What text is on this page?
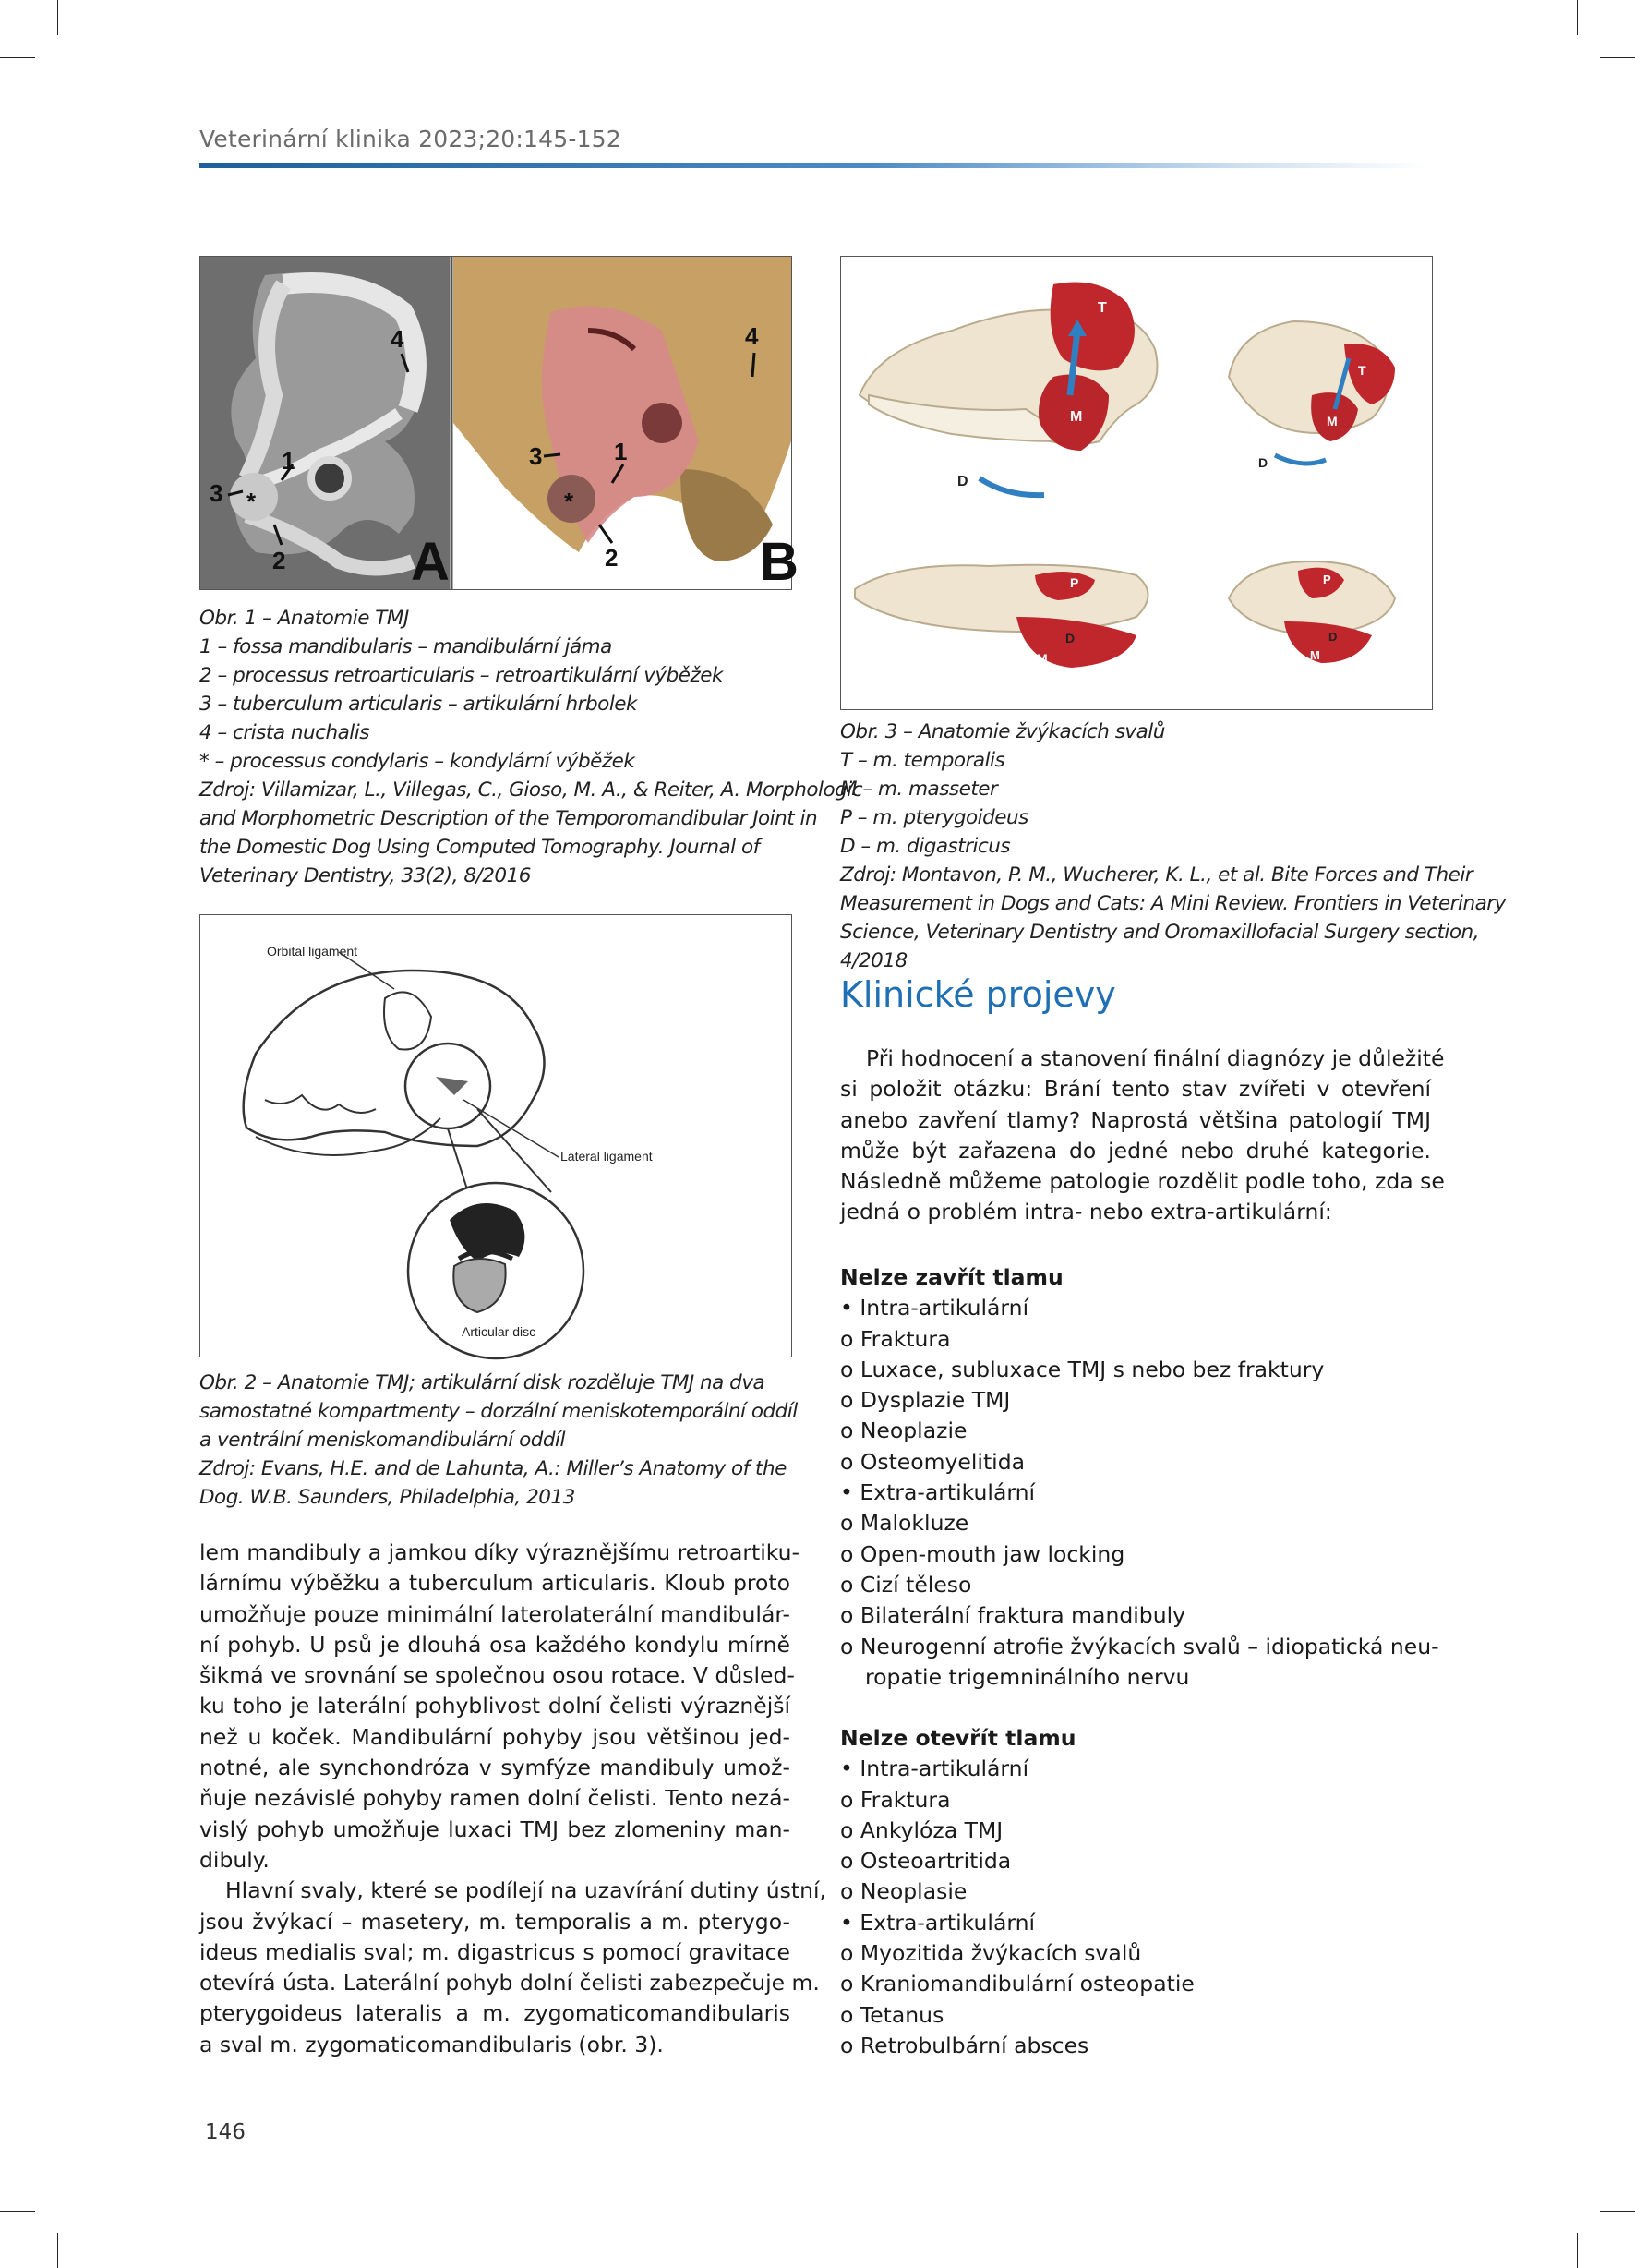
Veterinární klinika 2023;20:145-152
A
1
2
3
4
*
B
1
2
3
4
*
Obr. 1 – Anatomie TMJ
1 – fossa mandibularis – mandibulární jáma
2 – processus retroarticularis – retroartikulární výběžek
3 – tuberculum articularis – artikulární hrbolek
4 – crista nuchalis
* – processus condylaris – kondylární výběžek
Zdroj: Villamizar, L., Villegas, C., Gioso, M. A., & Reiter, A. Morphologic
and Morphometric Description of the Temporomandibular Joint in
the Domestic Dog Using Computed Tomography. Journal of
Veterinary Dentistry, 33(2), 8/2016
Orbital ligament
Lateral ligament
Articular disc
Obr. 2 – Anatomie TMJ; artikulární disk rozděluje TMJ na dva
samostatné kompartmenty – dorzální meniskotemporální oddíl
a ventrální meniskomandibulární oddíl
Zdroj: Evans, H.E. and de Lahunta, A.: Miller’s Anatomy of the
Dog. W.B. Saunders, Philadelphia, 2013
lem mandibuly a jamkou díky výraznějšímu retroartiku-
lárnímu výběžku a tuberculum articularis. Kloub proto
umožňuje pouze minimální laterolaterální mandibulár-
ní pohyb. U psů je dlouhá osa každého kondylu mírně
šikmá ve srovnání se společnou osou rotace. V důsled-
ku toho je laterální pohyblivost dolní čelisti výraznější
než u koček. Mandibulární pohyby jsou většinou jed-
notné, ale synchondróza v symfýze mandibuly umož-
ňuje nezávislé pohyby ramen dolní čelisti. Tento nezá-
vislý pohyb umožňuje luxaci TMJ bez zlomeniny man-
dibuly.
Hlavní svaly, které se podílejí na uzavírání dutiny ústní,
jsou žvýkací – masetery, m. temporalis a m. pterygo-
ideus medialis sval; m. digastricus s pomocí gravitace
otevírá ústa. Laterální pohyb dolní čelisti zabezpečuje m.
pterygoideus lateralis a m. zygomaticomandibularis
a sval m. zygomaticomandibularis (obr. 3).
T
M
D
T
M
D
P
D
M
P
D
M
Obr. 3 – Anatomie žvýkacích svalů
T – m. temporalis
M – m. masseter
P – m. pterygoideus
D – m. digastricus
Zdroj: Montavon, P. M., Wucherer, K. L., et al. Bite Forces and Their
Measurement in Dogs and Cats: A Mini Review. Frontiers in Veterinary
Science, Veterinary Dentistry and Oromaxillofacial Surgery section,
4/2018
Klinické projevy
Při hodnocení a stanovení finální diagnózy je důležité
si položit otázku: Brání tento stav zvířeti v otevření
anebo zavření tlamy? Naprostá většina patologií TMJ
může být zařazena do jedné nebo druhé kategorie.
Následně můžeme patologie rozdělit podle toho, zda se
jedná o problém intra- nebo extra-artikulární:
Nelze zavřít tlamu
• Intra-artikulární
o Fraktura
o Luxace, subluxace TMJ s nebo bez fraktury
o Dysplazie TMJ
o Neoplazie
o Osteomyelitida
• Extra-artikulární
o Malokluze
o Open-mouth jaw locking
o Cizí těleso
o Bilaterální fraktura mandibuly
o Neurogenní atrofie žvýkacích svalů – idiopatická neu-
ropatie trigemninálního nervu
Nelze otevřít tlamu
• Intra-artikulární
o Fraktura
o Ankylóza TMJ
o Osteoartritida
o Neoplasie
• Extra-artikulární
o Myozitida žvýkacích svalů
o Kraniomandibulární osteopatie
o Tetanus
o Retrobulbární absces
146
